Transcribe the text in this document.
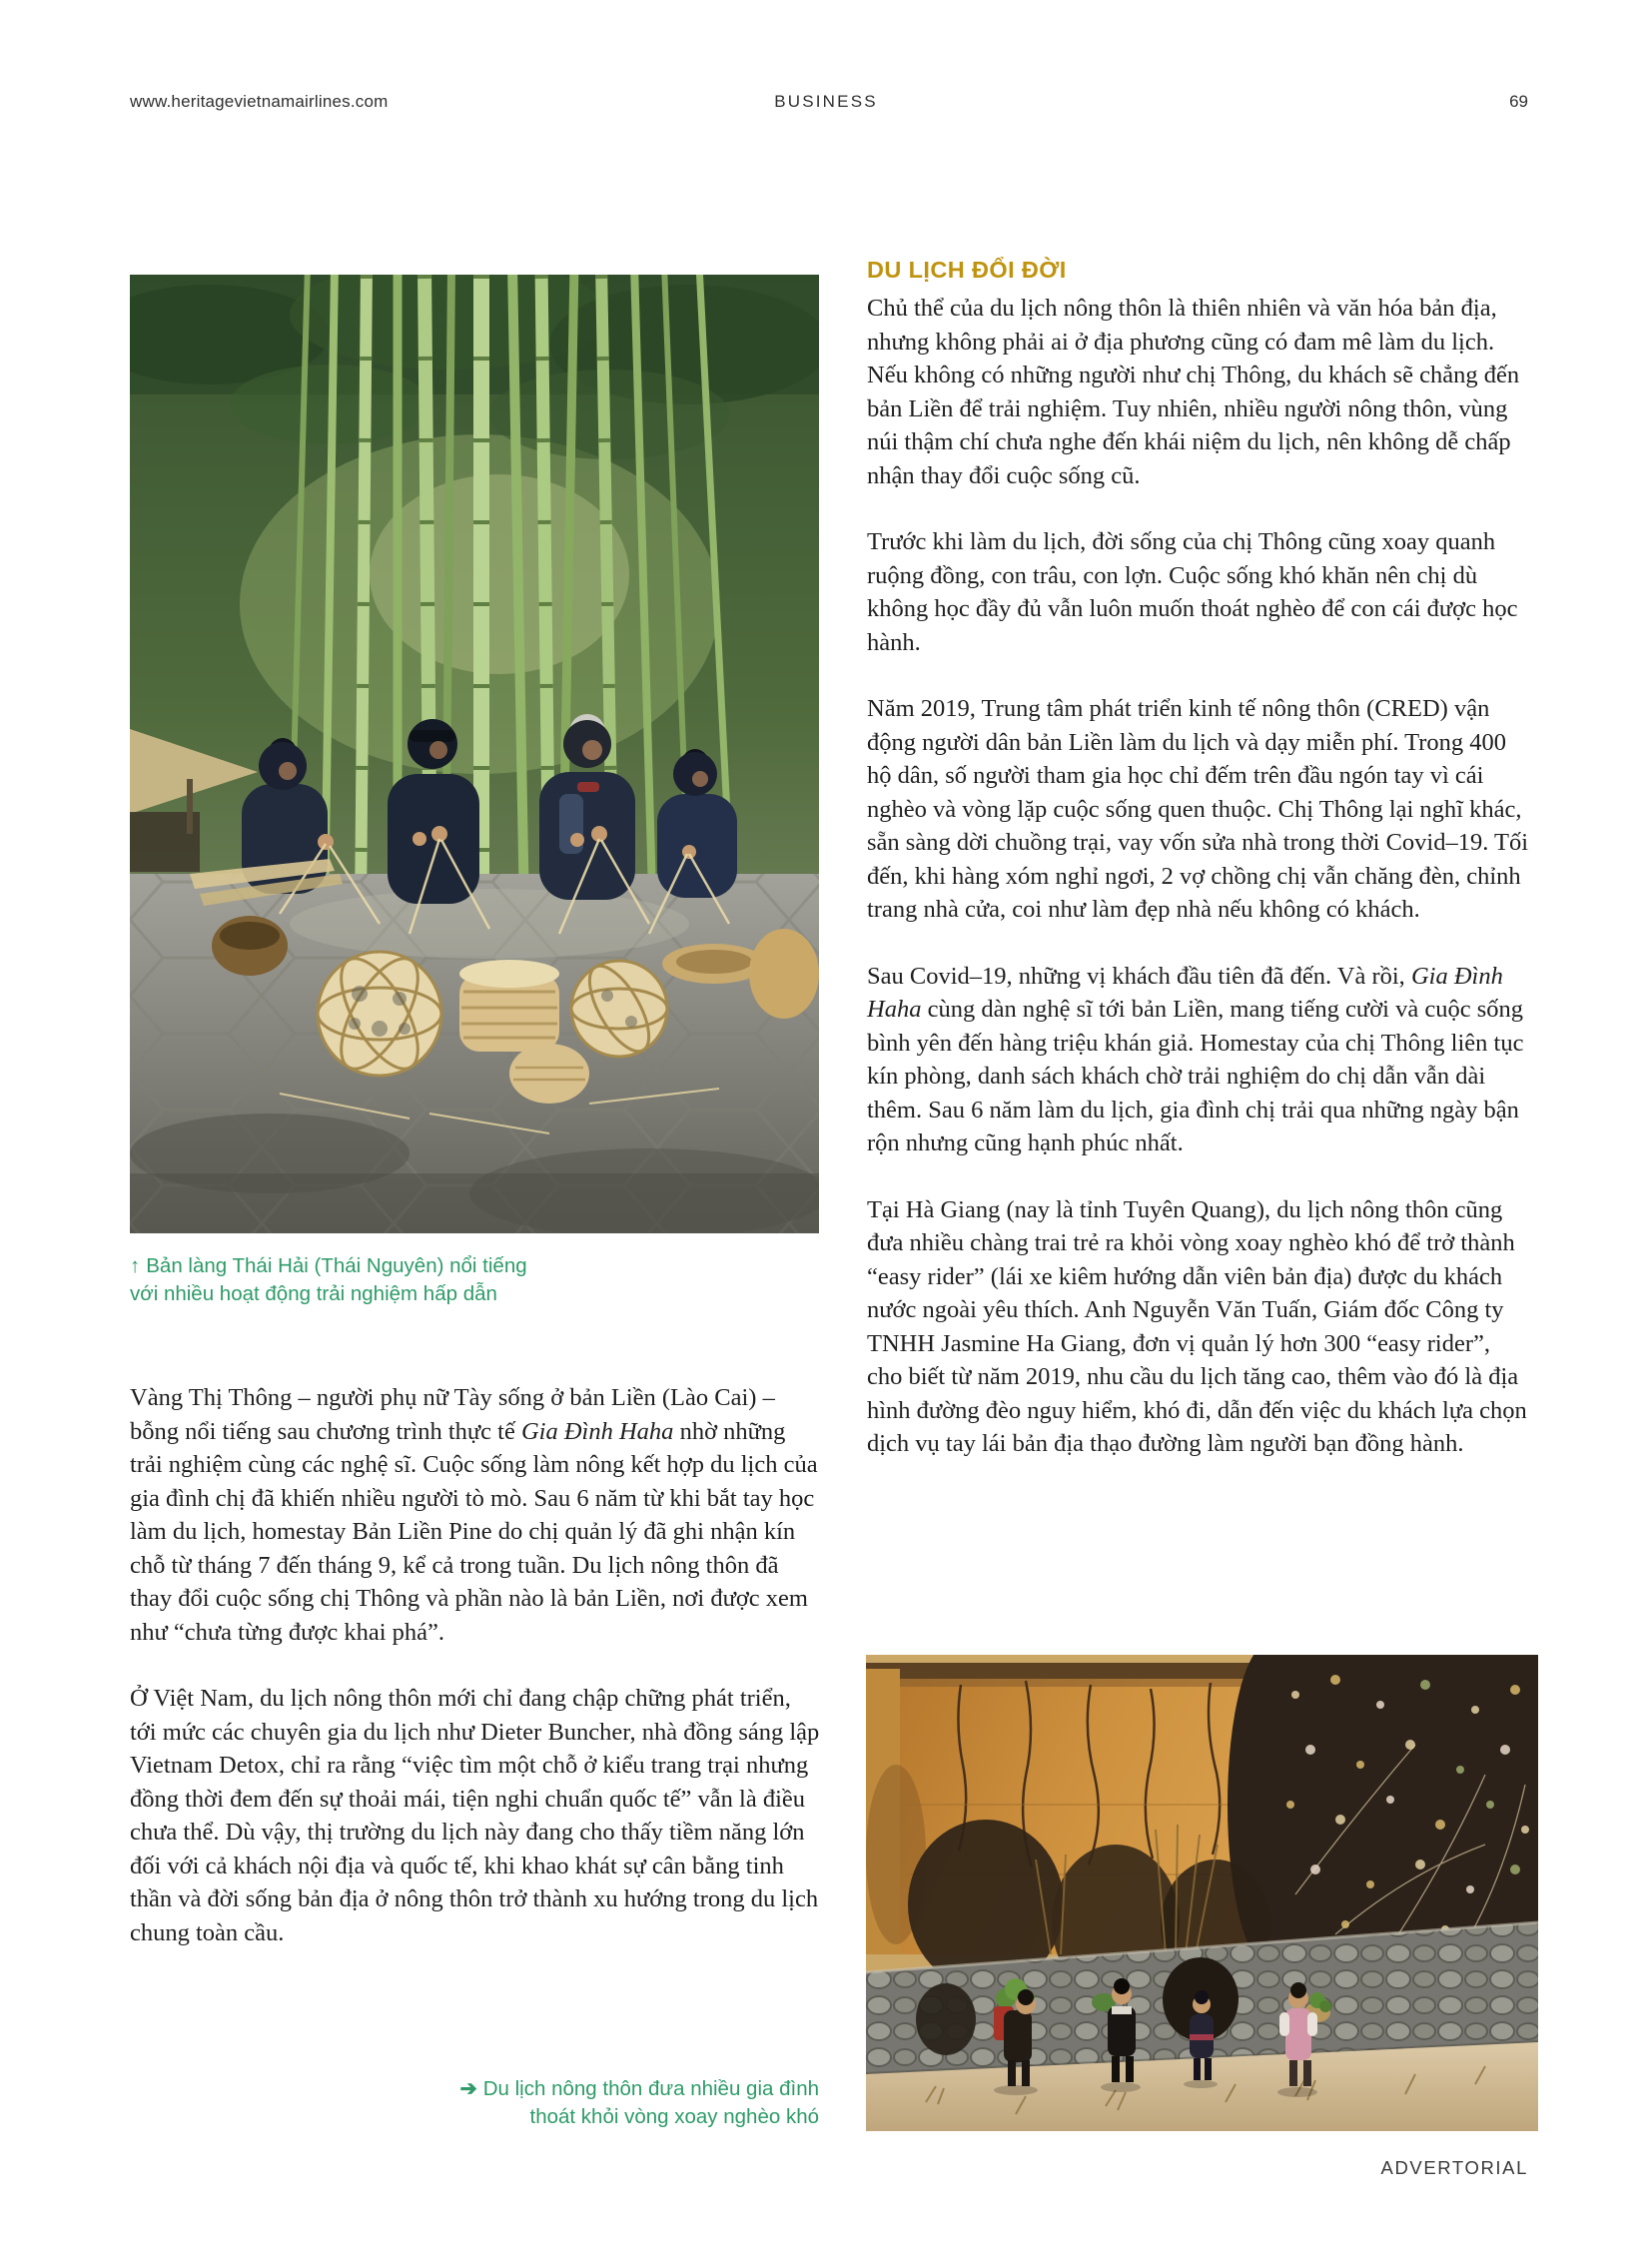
www.heritagevietnamairlines.com	BUSINESS	69
↑ Bản làng Thái Hải (Thái Nguyên) nổi tiếng
với nhiều hoạt động trải nghiệm hấp dẫn

Vàng Thị Thông – người phụ nữ Tày sống ở bản Liền (Lào Cai) – bỗng nổi tiếng sau chương trình thực tế Gia Đình Haha nhờ những trải nghiệm cùng các nghệ sĩ. Cuộc sống làm nông kết hợp du lịch của gia đình chị đã khiến nhiều người tò mò. Sau 6 năm từ khi bắt tay học làm du lịch, homestay Bản Liền Pine do chị quản lý đã ghi nhận kín chỗ từ tháng 7 đến tháng 9, kể cả trong tuần. Du lịch nông thôn đã thay đổi cuộc sống chị Thông và phần nào là bản Liền, nơi được xem như “chưa từng được khai phá”.

Ở Việt Nam, du lịch nông thôn mới chỉ đang chập chững phát triển, tới mức các chuyên gia du lịch như Dieter Buncher, nhà đồng sáng lập Vietnam Detox, chỉ ra rằng “việc tìm một chỗ ở kiểu trang trại nhưng đồng thời đem đến sự thoải mái, tiện nghi chuẩn quốc tế” vẫn là điều chưa thể. Dù vậy, thị trường du lịch này đang cho thấy tiềm năng lớn đối với cả khách nội địa và quốc tế, khi khao khát sự cân bằng tinh thần và đời sống bản địa ở nông thôn trở thành xu hướng trong du lịch chung toàn cầu.

➔ Du lịch nông thôn đưa nhiều gia đình
thoát khỏi vòng xoay nghèo khó
DU LỊCH ĐỔI ĐỜI

Chủ thể của du lịch nông thôn là thiên nhiên và văn hóa bản địa, nhưng không phải ai ở địa phương cũng có đam mê làm du lịch. Nếu không có những người như chị Thông, du khách sẽ chẳng đến bản Liền để trải nghiệm. Tuy nhiên, nhiều người nông thôn, vùng núi thậm chí chưa nghe đến khái niệm du lịch, nên không dễ chấp nhận thay đổi cuộc sống cũ.

Trước khi làm du lịch, đời sống của chị Thông cũng xoay quanh ruộng đồng, con trâu, con lợn. Cuộc sống khó khăn nên chị dù không học đầy đủ vẫn luôn muốn thoát nghèo để con cái được học hành.

Năm 2019, Trung tâm phát triển kinh tế nông thôn (CRED) vận động người dân bản Liền làm du lịch và dạy miễn phí. Trong 400 hộ dân, số người tham gia học chỉ đếm trên đầu ngón tay vì cái nghèo và vòng lặp cuộc sống quen thuộc. Chị Thông lại nghĩ khác, sẵn sàng dời chuồng trại, vay vốn sửa nhà trong thời Covid–19. Tối đến, khi hàng xóm nghỉ ngơi, 2 vợ chồng chị vẫn chăng đèn, chỉnh trang nhà cửa, coi như làm đẹp nhà nếu không có khách.

Sau Covid–19, những vị khách đầu tiên đã đến. Và rồi, Gia Đình Haha cùng dàn nghệ sĩ tới bản Liền, mang tiếng cười và cuộc sống bình yên đến hàng triệu khán giả. Homestay của chị Thông liên tục kín phòng, danh sách khách chờ trải nghiệm do chị dẫn vẫn dài thêm. Sau 6 năm làm du lịch, gia đình chị trải qua những ngày bận rộn nhưng cũng hạnh phúc nhất.

Tại Hà Giang (nay là tỉnh Tuyên Quang), du lịch nông thôn cũng đưa nhiều chàng trai trẻ ra khỏi vòng xoay nghèo khó để trở thành “easy rider” (lái xe kiêm hướng dẫn viên bản địa) được du khách nước ngoài yêu thích. Anh Nguyễn Văn Tuấn, Giám đốc Công ty TNHH Jasmine Ha Giang, đơn vị quản lý hơn 300 “easy rider”, cho biết từ năm 2019, nhu cầu du lịch tăng cao, thêm vào đó là địa hình đường đèo nguy hiểm, khó đi, dẫn đến việc du khách lựa chọn dịch vụ tay lái bản địa thạo đường làm người bạn đồng hành.

ADVERTORIAL
